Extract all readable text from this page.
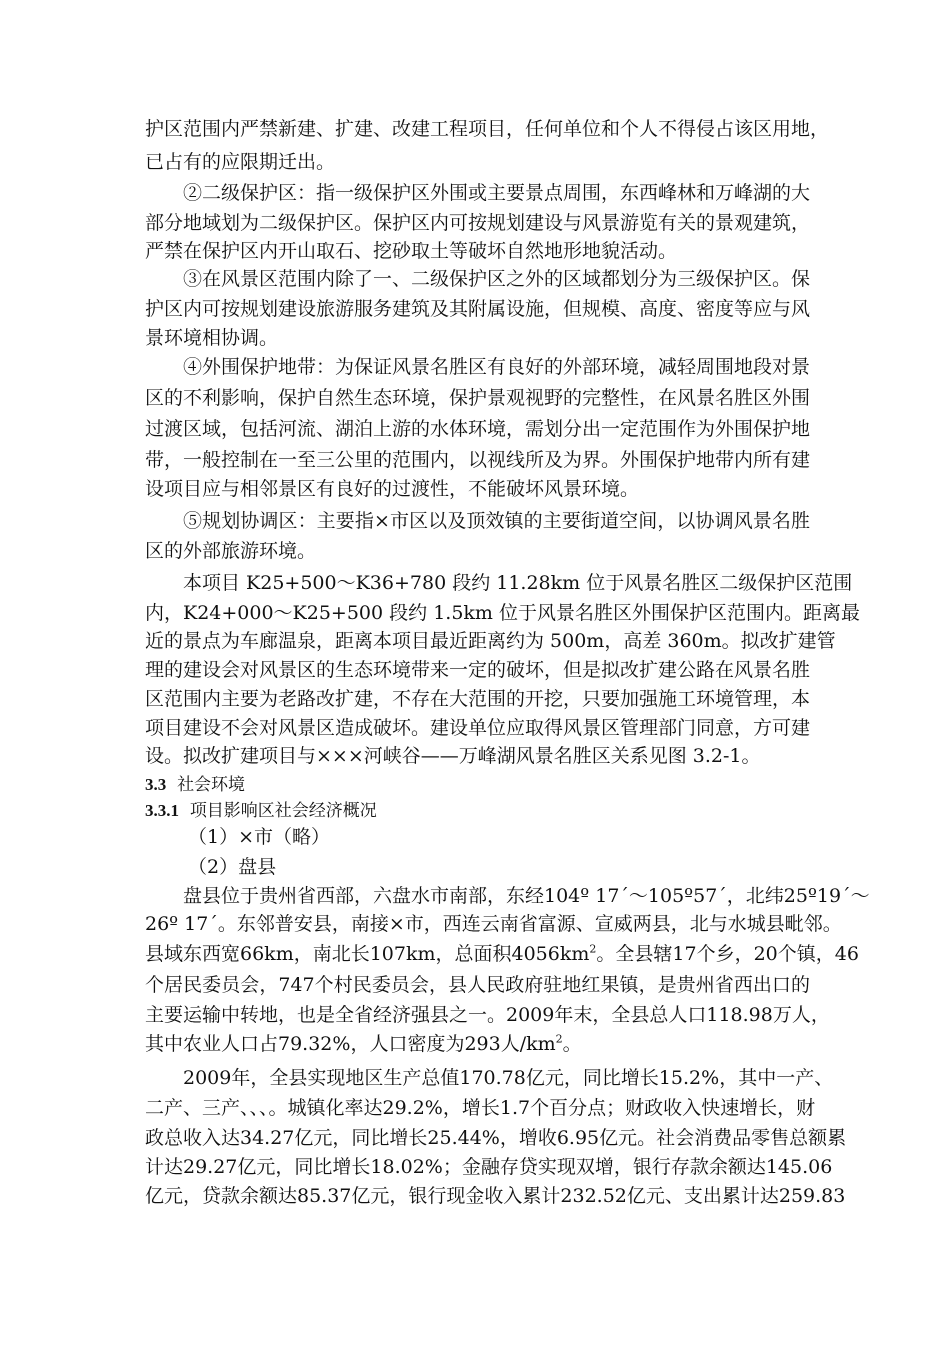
护区范围内严禁新建、扩建、改建工程项目，任何单位和个人不得侵占该区用地，
已占有的应限期迁出。
②二级保护区：指一级保护区外围或主要景点周围，东西峰林和万峰湖的大
部分地域划为二级保护区。保护区内可按规划建设与风景游览有关的景观建筑，
严禁在保护区内开山取石、挖砂取土等破坏自然地形地貌活动。
③在风景区范围内除了一、二级保护区之外的区域都划分为三级保护区。保
护区内可按规划建设旅游服务建筑及其附属设施，但规模、高度、密度等应与风
景环境相协调。
④外围保护地带：为保证风景名胜区有良好的外部环境，减轻周围地段对景
区的不利影响，保护自然生态环境，保护景观视野的完整性，在风景名胜区外围
过渡区域，包括河流、湖泊上游的水体环境，需划分出一定范围作为外围保护地
带，一般控制在一至三公里的范围内，以视线所及为界。外围保护地带内所有建
设项目应与相邻景区有良好的过渡性，不能破坏风景环境。
⑤规划协调区：主要指×市区以及顶效镇的主要街道空间，以协调风景名胜
区的外部旅游环境。
本项目 K25+500～K36+780 段约 11.28km 位于风景名胜区二级保护区范围
内，K24+000～K25+500 段约 1.5km 位于风景名胜区外围保护区范围内。距离最
近的景点为车廊温泉，距离本项目最近距离约为 500m，高差 360m。拟改扩建管
理的建设会对风景区的生态环境带来一定的破坏，但是拟改扩建公路在风景名胜
区范围内主要为老路改扩建，不存在大范围的开挖，只要加强施工环境管理，本
项目建设不会对风景区造成破坏。建设单位应取得风景区管理部门同意，方可建
设。拟改扩建项目与×××河峡谷——万峰湖风景名胜区关系见图 3.2-1。
3.3 社会环境
3.3.1 项目影响区社会经济概况
（1）×市（略）
（2）盘县
盘县位于贵州省西部，六盘水市南部，东经104º 17´～105º57´，北纬25º19´～
26º 17´。东邻普安县，南接×市，西连云南省富源、宣威两县，北与水城县毗邻。
县域东西宽66km，南北长107km，总面积$4056km^2$。全县辖17个乡，20个镇，46
个居民委员会，747个村民委员会，县人民政府驻地红果镇，是贵州省西出口的
主要运输中转地，也是全省经济强县之一。2009年末，全县总人口118.98万人，
其中农业人口占79.32%，人口密度为293人$/km^2$。
2009年，全县实现地区生产总值170.78亿元，同比增长15.2%，其中一产、
二产、三产、、、。城镇化率达29.2%，增长1.7个百分点；财政收入快速增长，财
政总收入达34.27亿元，同比增长25.44%，增收6.95亿元。社会消费品零售总额累
计达29.27亿元，同比增长18.02%；金融存贷实现双增，银行存款余额达145.06
亿元，贷款余额达85.37亿元，银行现金收入累计232.52亿元、支出累计达259.83
